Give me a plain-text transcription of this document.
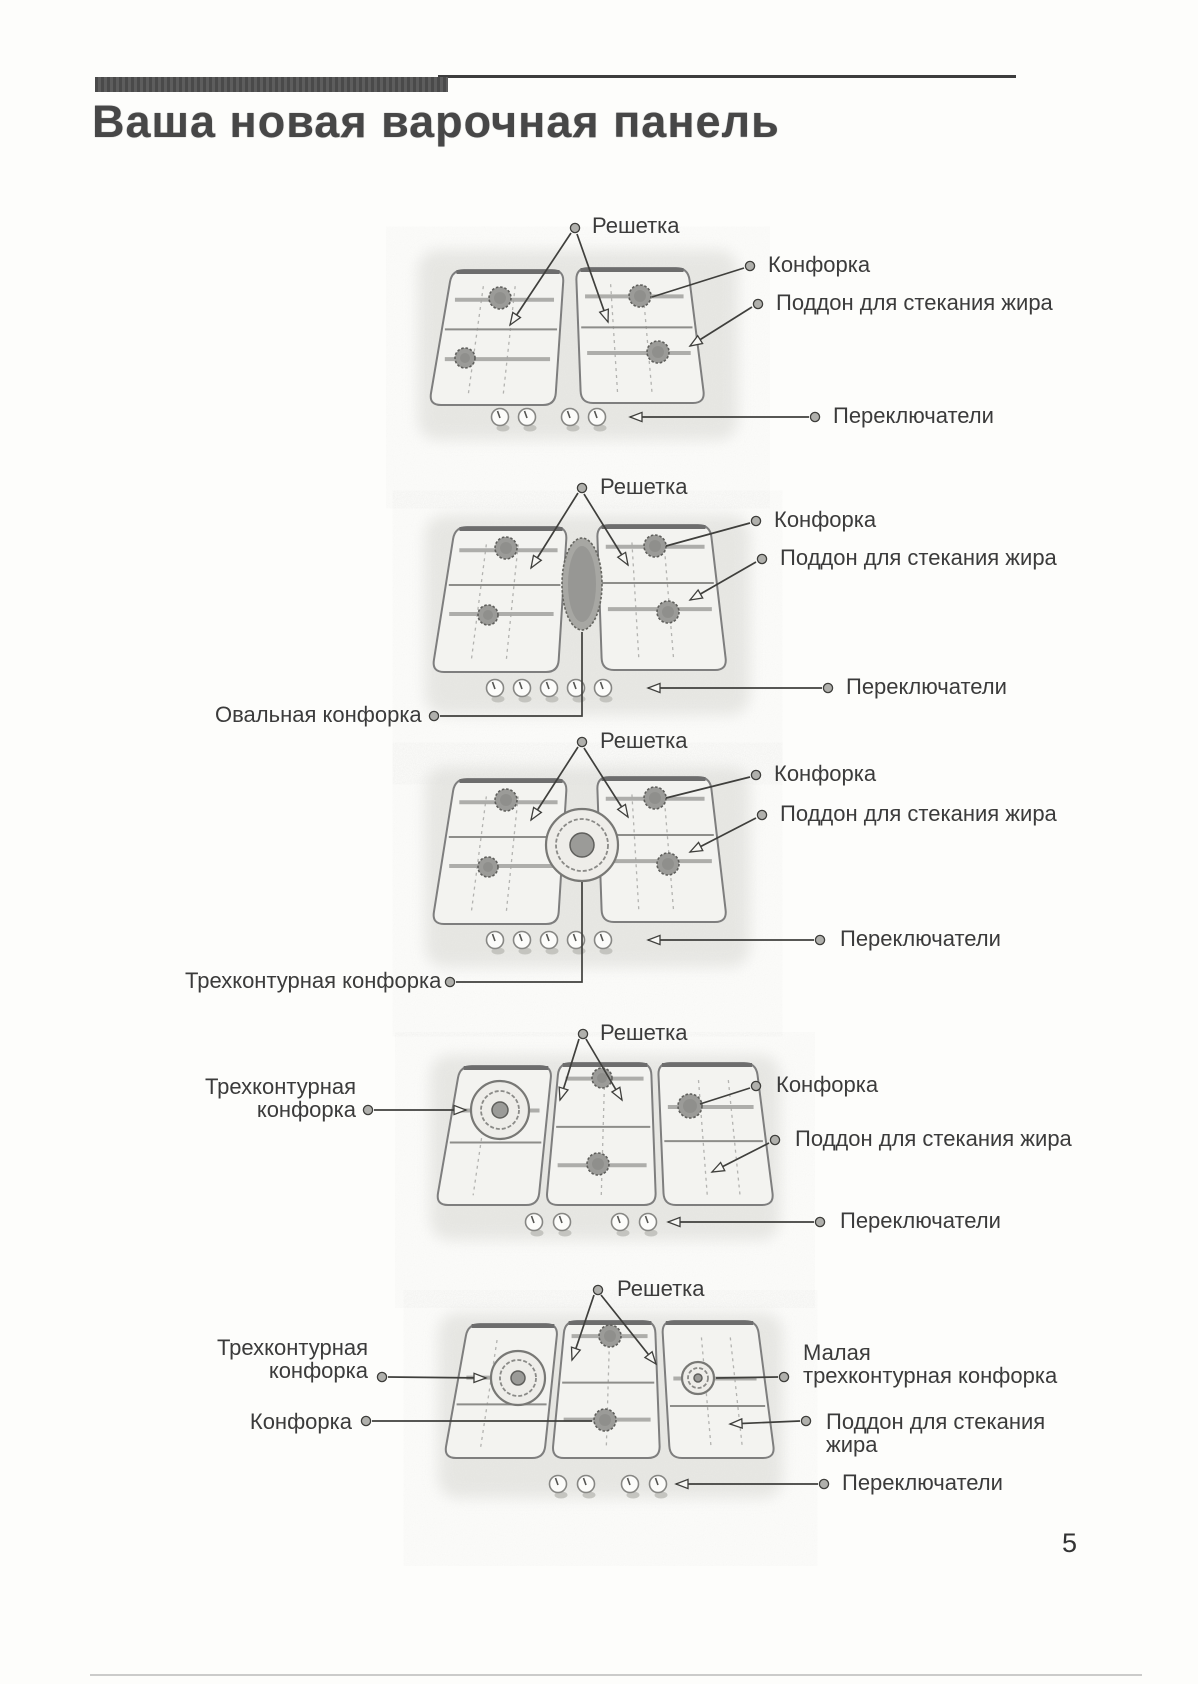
Ваша новая варочная панель
Решетка
Конфорка
Поддон для стекания жира
Переключатели
Решетка
Конфорка
Поддон для стекания жира
Переключатели
Овальная конфорка
Решетка
Конфорка
Поддон для стекания жира
Переключатели
Трехконтурная конфорка
Решетка
Трехконтурная
конфорка
Конфорка
Поддон для стекания жира
Переключатели
Решетка
Трехконтурная
конфорка
Малая
трехконтурная конфорка
Конфорка	Поддон для стекания
жира
Переключатели
5
